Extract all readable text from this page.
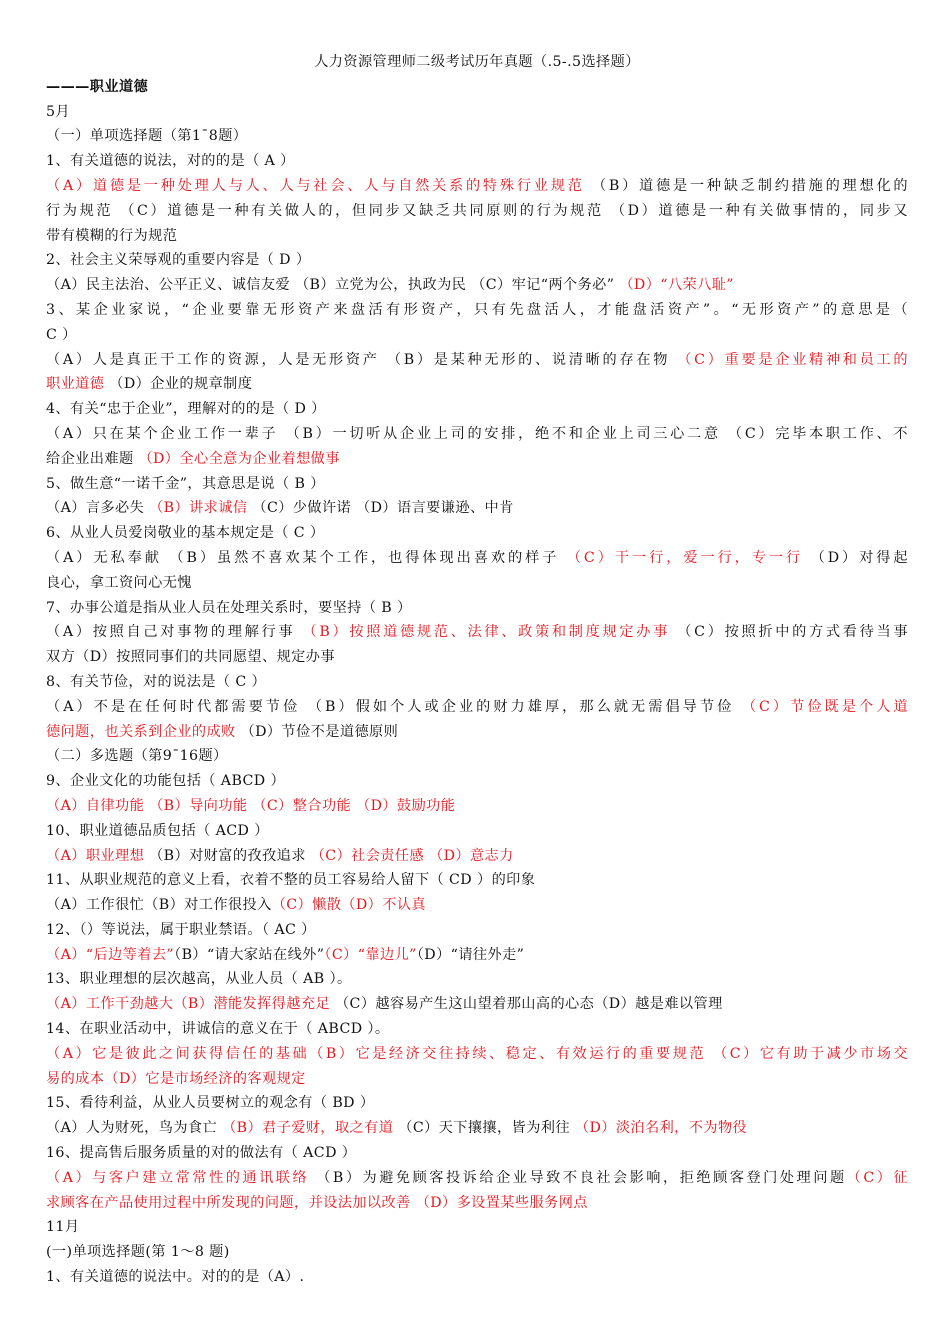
人力资源管理师二级考试历年真题（.5-.5选择题）
———职业道德
5月
（一）单项选择题（第1¯8题）
1、有关道德的说法，对的的是（ A ）
（A）道德是一种处理人与人、人与社会、人与自然关系的特殊行业规范 （B）道德是一种缺乏制约措施的理想化的
行为规范 （C）道德是一种有关做人的，但同步又缺乏共同原则的行为规范 （D）道德是一种有关做事情的，同步又
带有模糊的行为规范
2、社会主义荣辱观的重要内容是（ D ）
（A）民主法治、公平正义、诚信友爱 （B）立党为公，执政为民 （C）牢记“两个务必” （D）“八荣八耻”
3、某企业家说，“企业要靠无形资产来盘活有形资产，只有先盘活人，才能盘活资产”。“无形资产”的意思是（
C ）
（A）人是真正干工作的资源，人是无形资产 （B）是某种无形的、说清晰的存在物 （C）重要是企业精神和员工的
职业道德 （D）企业的规章制度
4、有关“忠于企业”，理解对的的是（ D ）
（A）只在某个企业工作一辈子 （B）一切听从企业上司的安排，绝不和企业上司三心二意 （C）完毕本职工作、不
给企业出难题 （D）全心全意为企业着想做事
5、做生意“一诺千金”，其意思是说（ B ）
（A）言多必失 （B）讲求诚信 （C）少做许诺 （D）语言要谦逊、中肯
6、从业人员爱岗敬业的基本规定是（ C ）
（A）无私奉献 （B）虽然不喜欢某个工作，也得体现出喜欢的样子 （C）干一行，爱一行，专一行 （D）对得起
良心，拿工资问心无愧
7、办事公道是指从业人员在处理关系时，要坚持（ B ）
（A）按照自己对事物的理解行事 （B）按照道德规范、法律、政策和制度规定办事 （C）按照折中的方式看待当事
双方（D）按照同事们的共同愿望、规定办事
8、有关节俭，对的说法是（ C ）
（A）不是在任何时代都需要节俭 （B）假如个人或企业的财力雄厚，那么就无需倡导节俭 （C）节俭既是个人道
德问题，也关系到企业的成败 （D）节俭不是道德原则
（二）多选题（第9¯16题）
9、企业文化的功能包括（ ABCD ）
（A）自律功能 （B）导向功能 （C）整合功能 （D）鼓励功能
10、职业道德品质包括（ ACD ）
（A）职业理想 （B）对财富的孜孜追求 （C）社会责任感 （D）意志力
11、从职业规范的意义上看，衣着不整的员工容易给人留下（ CD ）的印象
（A）工作很忙（B）对工作很投入（C）懒散（D）不认真
12、（）等说法，属于职业禁语。（ AC ）
（A）“后边等着去”（B）“请大家站在线外”（C）“靠边儿”（D）“请往外走”
13、职业理想的层次越高，从业人员（ AB ）。
（A）工作干劲越大（B）潜能发挥得越充足 （C）越容易产生这山望着那山高的心态（D）越是难以管理
14、在职业活动中，讲诚信的意义在于（ ABCD ）。
（A）它是彼此之间获得信任的基础（B）它是经济交往持续、稳定、有效运行的重要规范 （C）它有助于减少市场交
易的成本（D）它是市场经济的客观规定
15、看待利益，从业人员要树立的观念有（ BD ）
（A）人为财死，鸟为食亡 （B）君子爱财，取之有道 （C）天下攘攘，皆为利往 （D）淡泊名利，不为物役
16、提高售后服务质量的对的做法有（ ACD ）
（A）与客户建立常常性的通讯联络 （B）为避免顾客投诉给企业导致不良社会影响，拒绝顾客登门处理问题（C）征
求顾客在产品使用过程中所发现的问题，并设法加以改善 （D）多设置某些服务网点
11月
(一)单项选择题(第 1～8 题)
1、有关道德的说法中。对的的是（A）.
